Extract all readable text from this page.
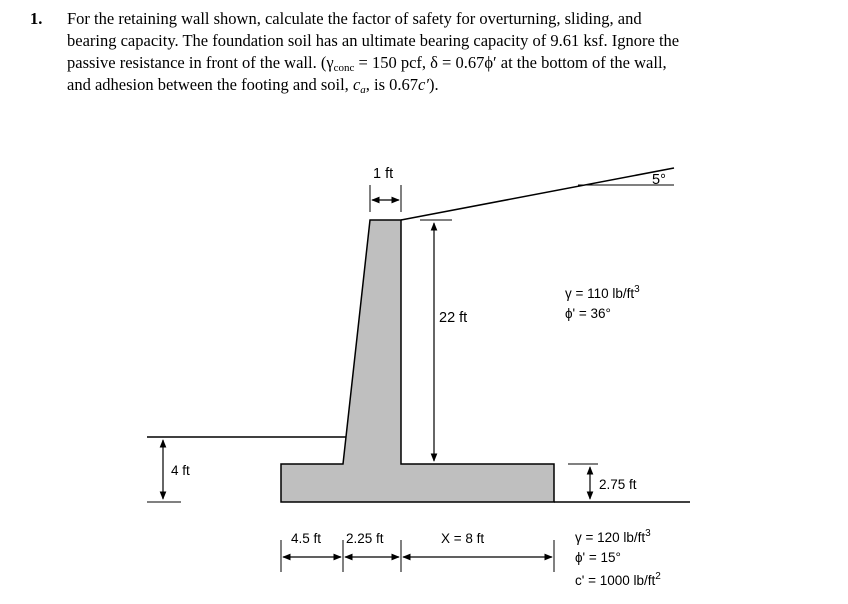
1. For the retaining wall shown, calculate the factor of safety for overturning, sliding, and
bearing capacity. The foundation soil has an ultimate bearing capacity of 9.61 ksf. Ignore the
passive resistance in front of the wall. ($\gamma_{conc} = 150$ pcf, δ = 0.67ϕ′ at the bottom of the wall,
and adhesion between the footing and soil, $c_a$, is 0.67c′).
5°
1 ft
22 ft
γ = 110 $lb/ft^3$
ϕ' = 36°
4 ft
2.75 ft
4.5 ft 2.25 ft	X = 8 ft	γ = 120 $lb/ft^3$
ϕ' = 15°
c' = 1000 $lb/ft^2$
